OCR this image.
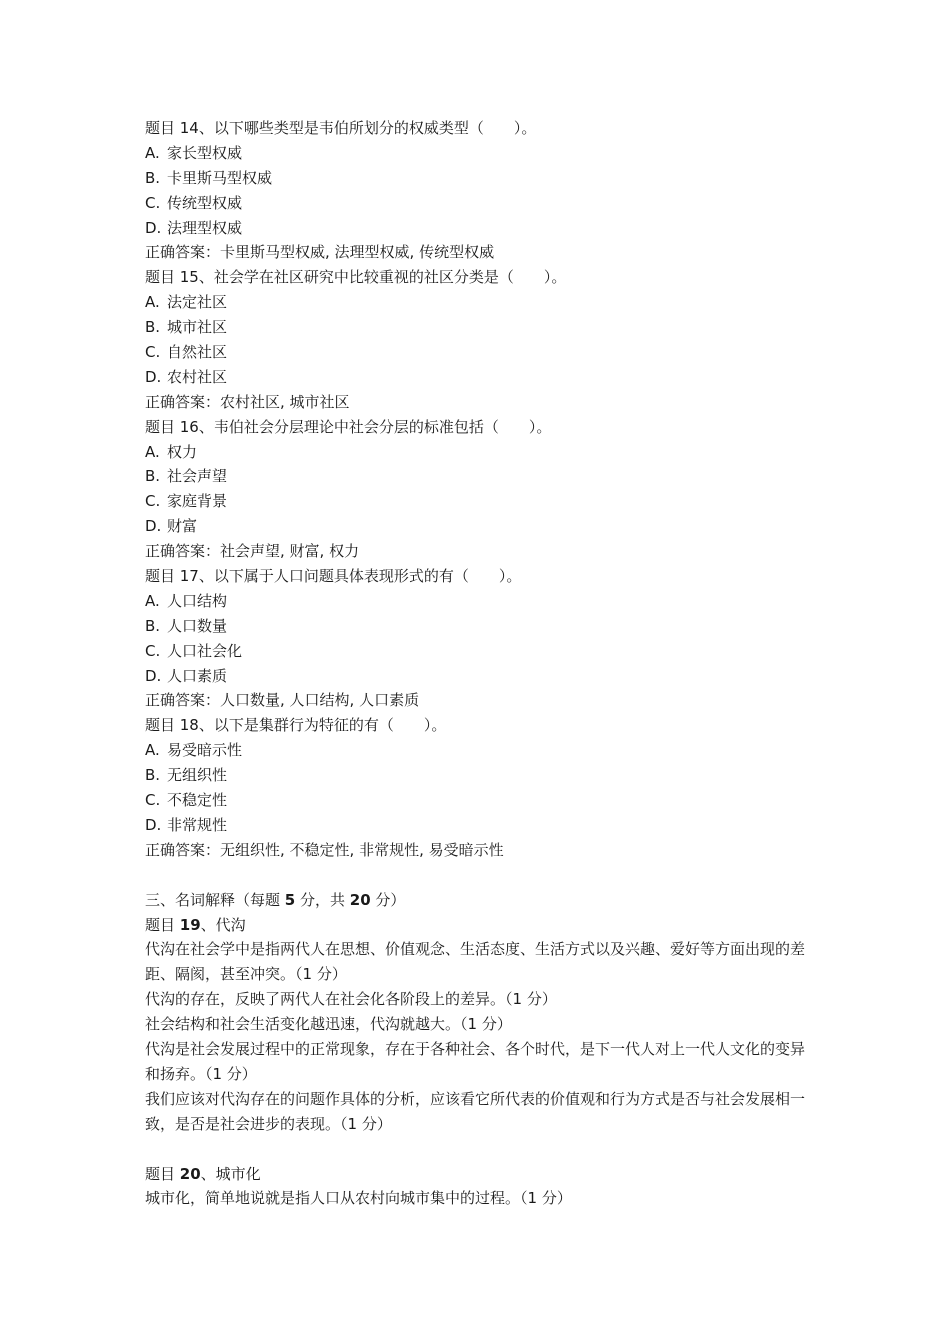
题目 14、以下哪些类型是韦伯所划分的权威类型（　　）。
A. 家长型权威
B. 卡里斯马型权威
C. 传统型权威
D. 法理型权威
正确答案：卡里斯马型权威, 法理型权威, 传统型权威
题目 15、社会学在社区研究中比较重视的社区分类是（　　）。
A. 法定社区
B. 城市社区
C. 自然社区
D. 农村社区
正确答案：农村社区, 城市社区
题目 16、韦伯社会分层理论中社会分层的标准包括（　　）。
A. 权力
B. 社会声望
C. 家庭背景
D. 财富
正确答案：社会声望, 财富, 权力
题目 17、以下属于人口问题具体表现形式的有（　　）。
A. 人口结构
B. 人口数量
C. 人口社会化
D. 人口素质
正确答案：人口数量, 人口结构, 人口素质
题目 18、以下是集群行为特征的有（　　）。
A. 易受暗示性
B. 无组织性
C. 不稳定性
D. 非常规性
正确答案：无组织性, 不稳定性, 非常规性, 易受暗示性
三、名词解释（每题 5 分，共 20 分）
题目 19、代沟
代沟在社会学中是指两代人在思想、价值观念、生活态度、生活方式以及兴趣、爱好等方面出现的差距、隔阂，甚至冲突。（1 分）
代沟的存在，反映了两代人在社会化各阶段上的差异。（1 分）
社会结构和社会生活变化越迅速，代沟就越大。（1 分）
代沟是社会发展过程中的正常现象，存在于各种社会、各个时代，是下一代人对上一代人文化的变异和扬弃。（1 分）
我们应该对代沟存在的问题作具体的分析，应该看它所代表的价值观和行为方式是否与社会发展相一致，是否是社会进步的表现。（1 分）
题目 20、城市化
城市化，简单地说就是指人口从农村向城市集中的过程。（1 分）
